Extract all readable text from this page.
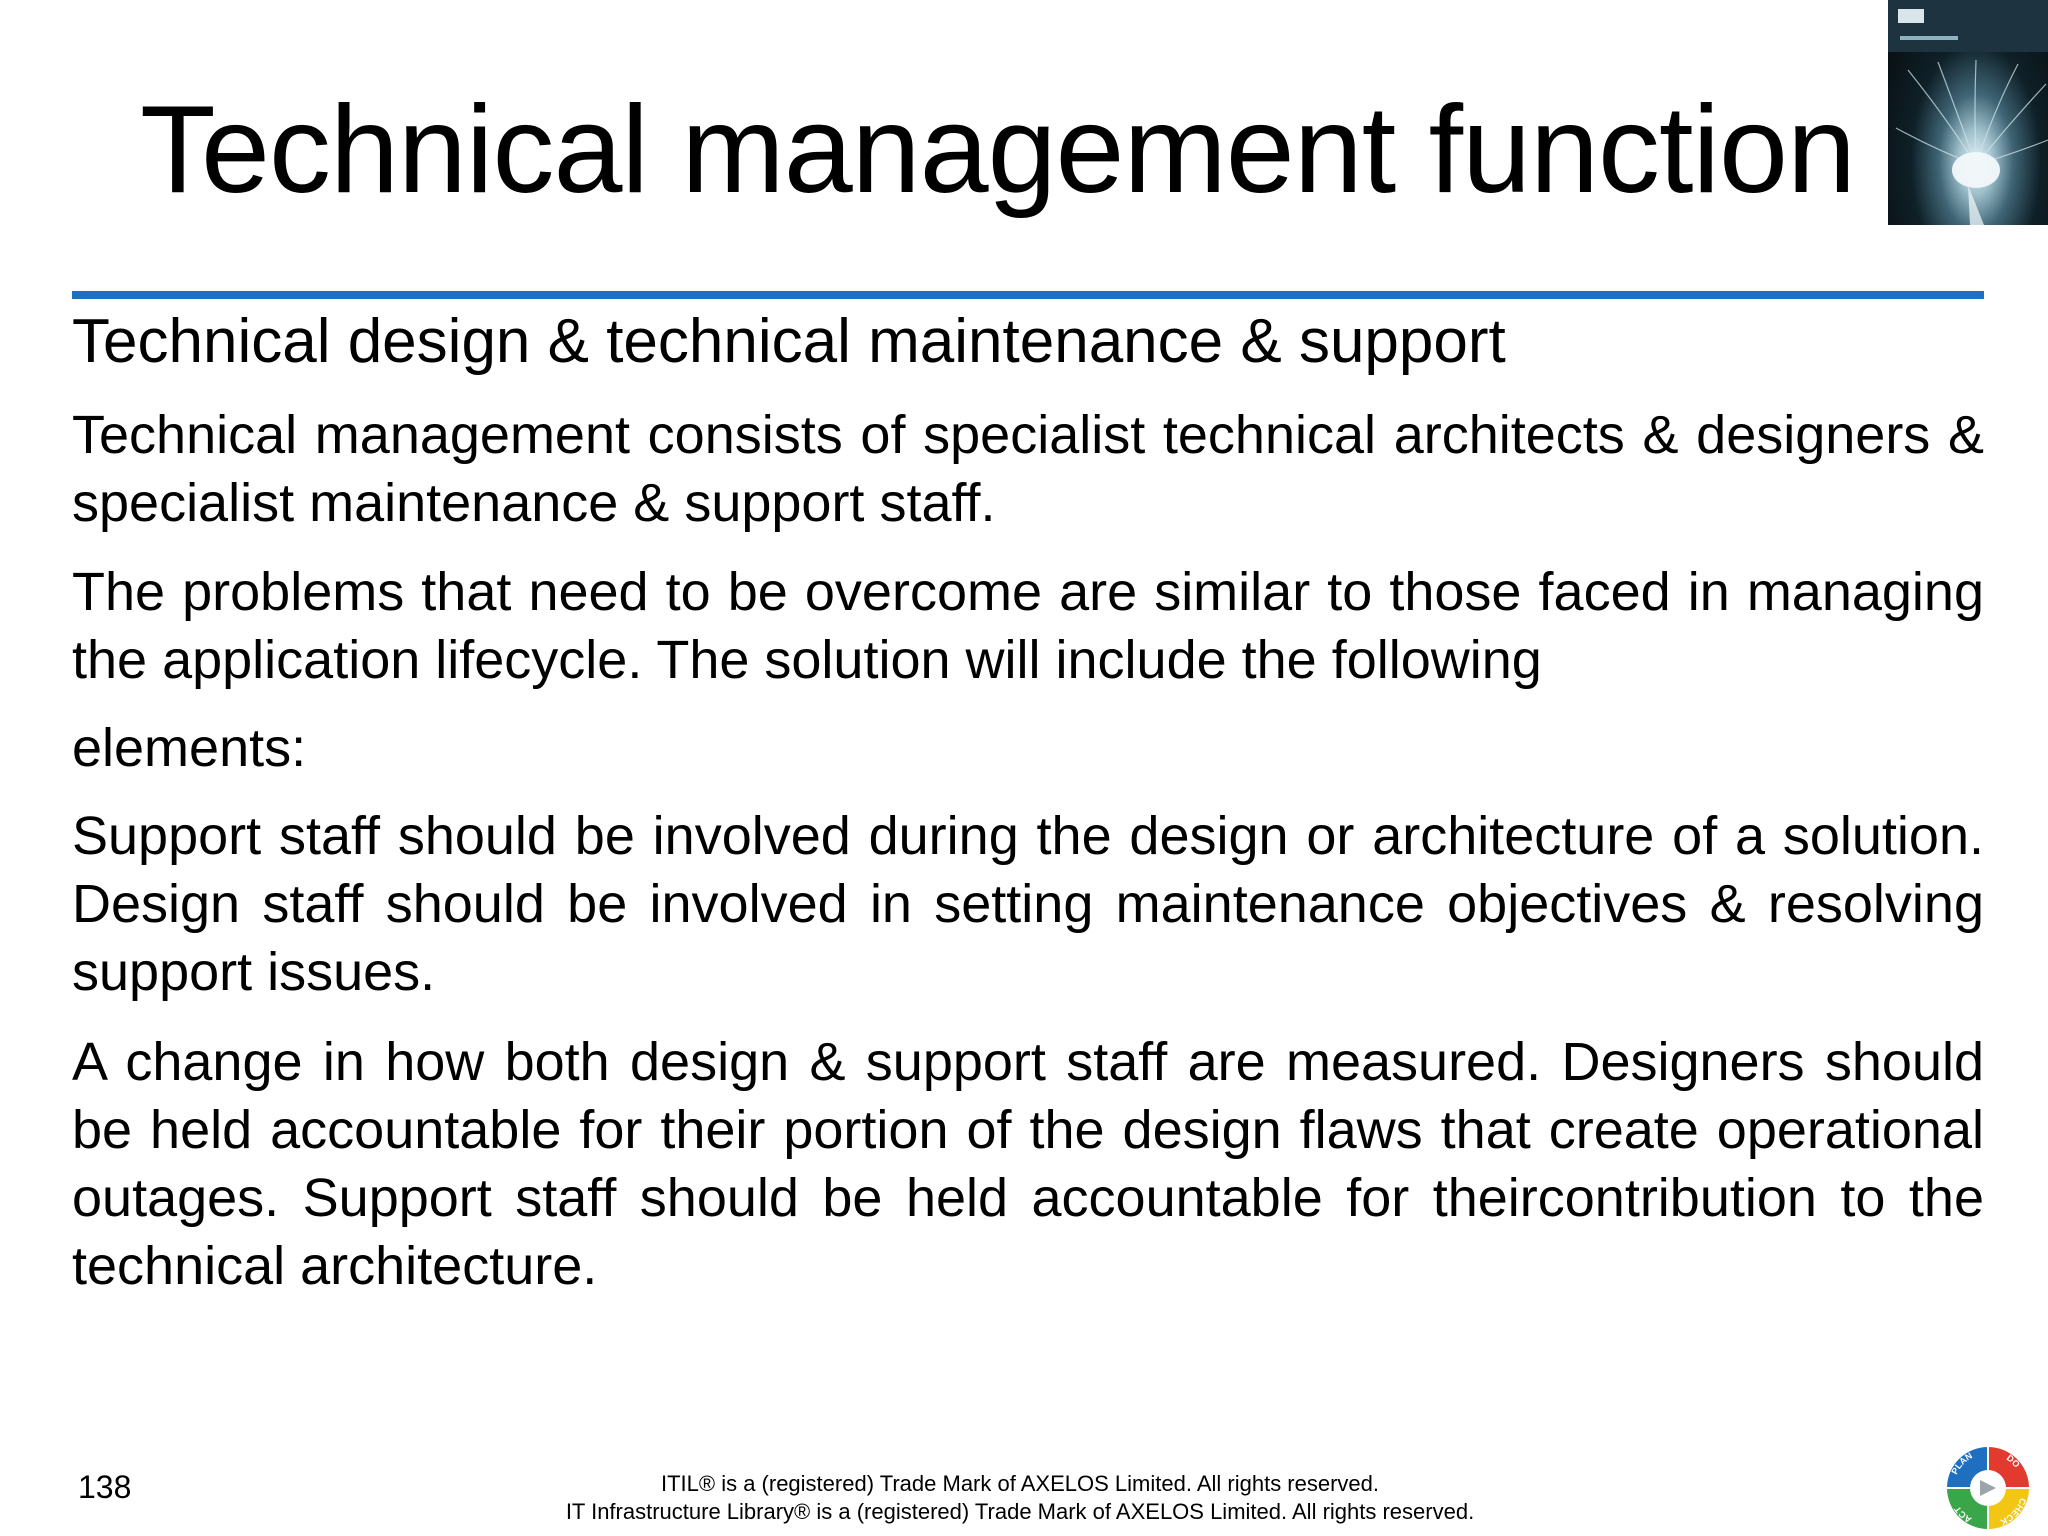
Technical management function
Technical design & technical maintenance & support
Technical management consists of specialist technical architects & designers & specialist maintenance & support staff.
The problems that need to be overcome are similar to those faced in managing the application lifecycle. The solution will include the following
elements:
Support staff should be involved during the design or architecture of a solution. Design staff should be involved in setting maintenance objectives & resolving support issues.
A change in how both design & support staff are measured. Designers should be held accountable for their portion of the design flaws that create operational outages. Support staff should be held accountable for theircontribution to the technical architecture.
138	ITIL® is a (registered) Trade Mark of AXELOS Limited. All rights reserved.
IT Infrastructure Library® is a (registered) Trade Mark of AXELOS Limited. All rights reserved.
PLAN	DO
CHECK
ACT
